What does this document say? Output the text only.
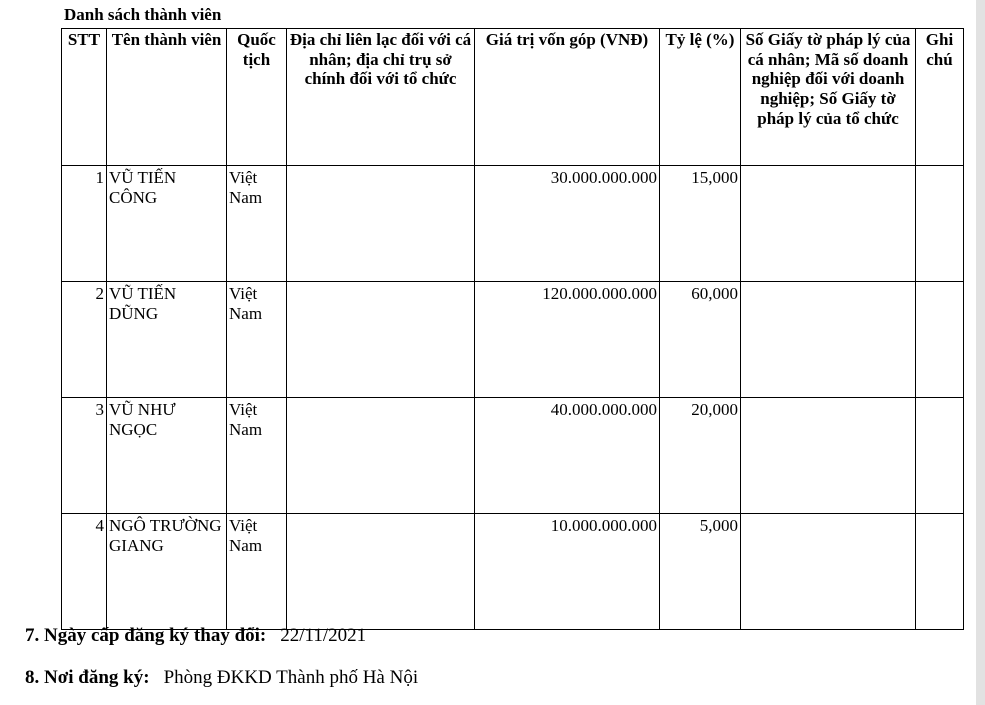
Danh sách thành viên
STT	Tên thành viên	Quốc tịch	Địa chỉ liên lạc đối với cá nhân; địa chỉ trụ sở chính đối với tổ chức	Giá trị vốn góp (VNĐ)	Tỷ lệ (%)	Số Giấy tờ pháp lý của cá nhân; Mã số doanh nghiệp đối với doanh nghiệp; Số Giấy tờ pháp lý của tổ chức	Ghi chú
1	VŨ TIẾN CÔNG	Việt Nam		30.000.000.000	15,000		
2	VŨ TIẾN DŨNG	Việt Nam		120.000.000.000	60,000		
3	VŨ NHƯ NGỌC	Việt Nam		40.000.000.000	20,000		
4	NGÔ TRƯỜNG GIANG	Việt Nam		10.000.000.000	5,000		
7. Ngày cấp đăng ký thay đổi: 22/11/2021
8. Nơi đăng ký: Phòng ĐKKD Thành phố Hà Nội
